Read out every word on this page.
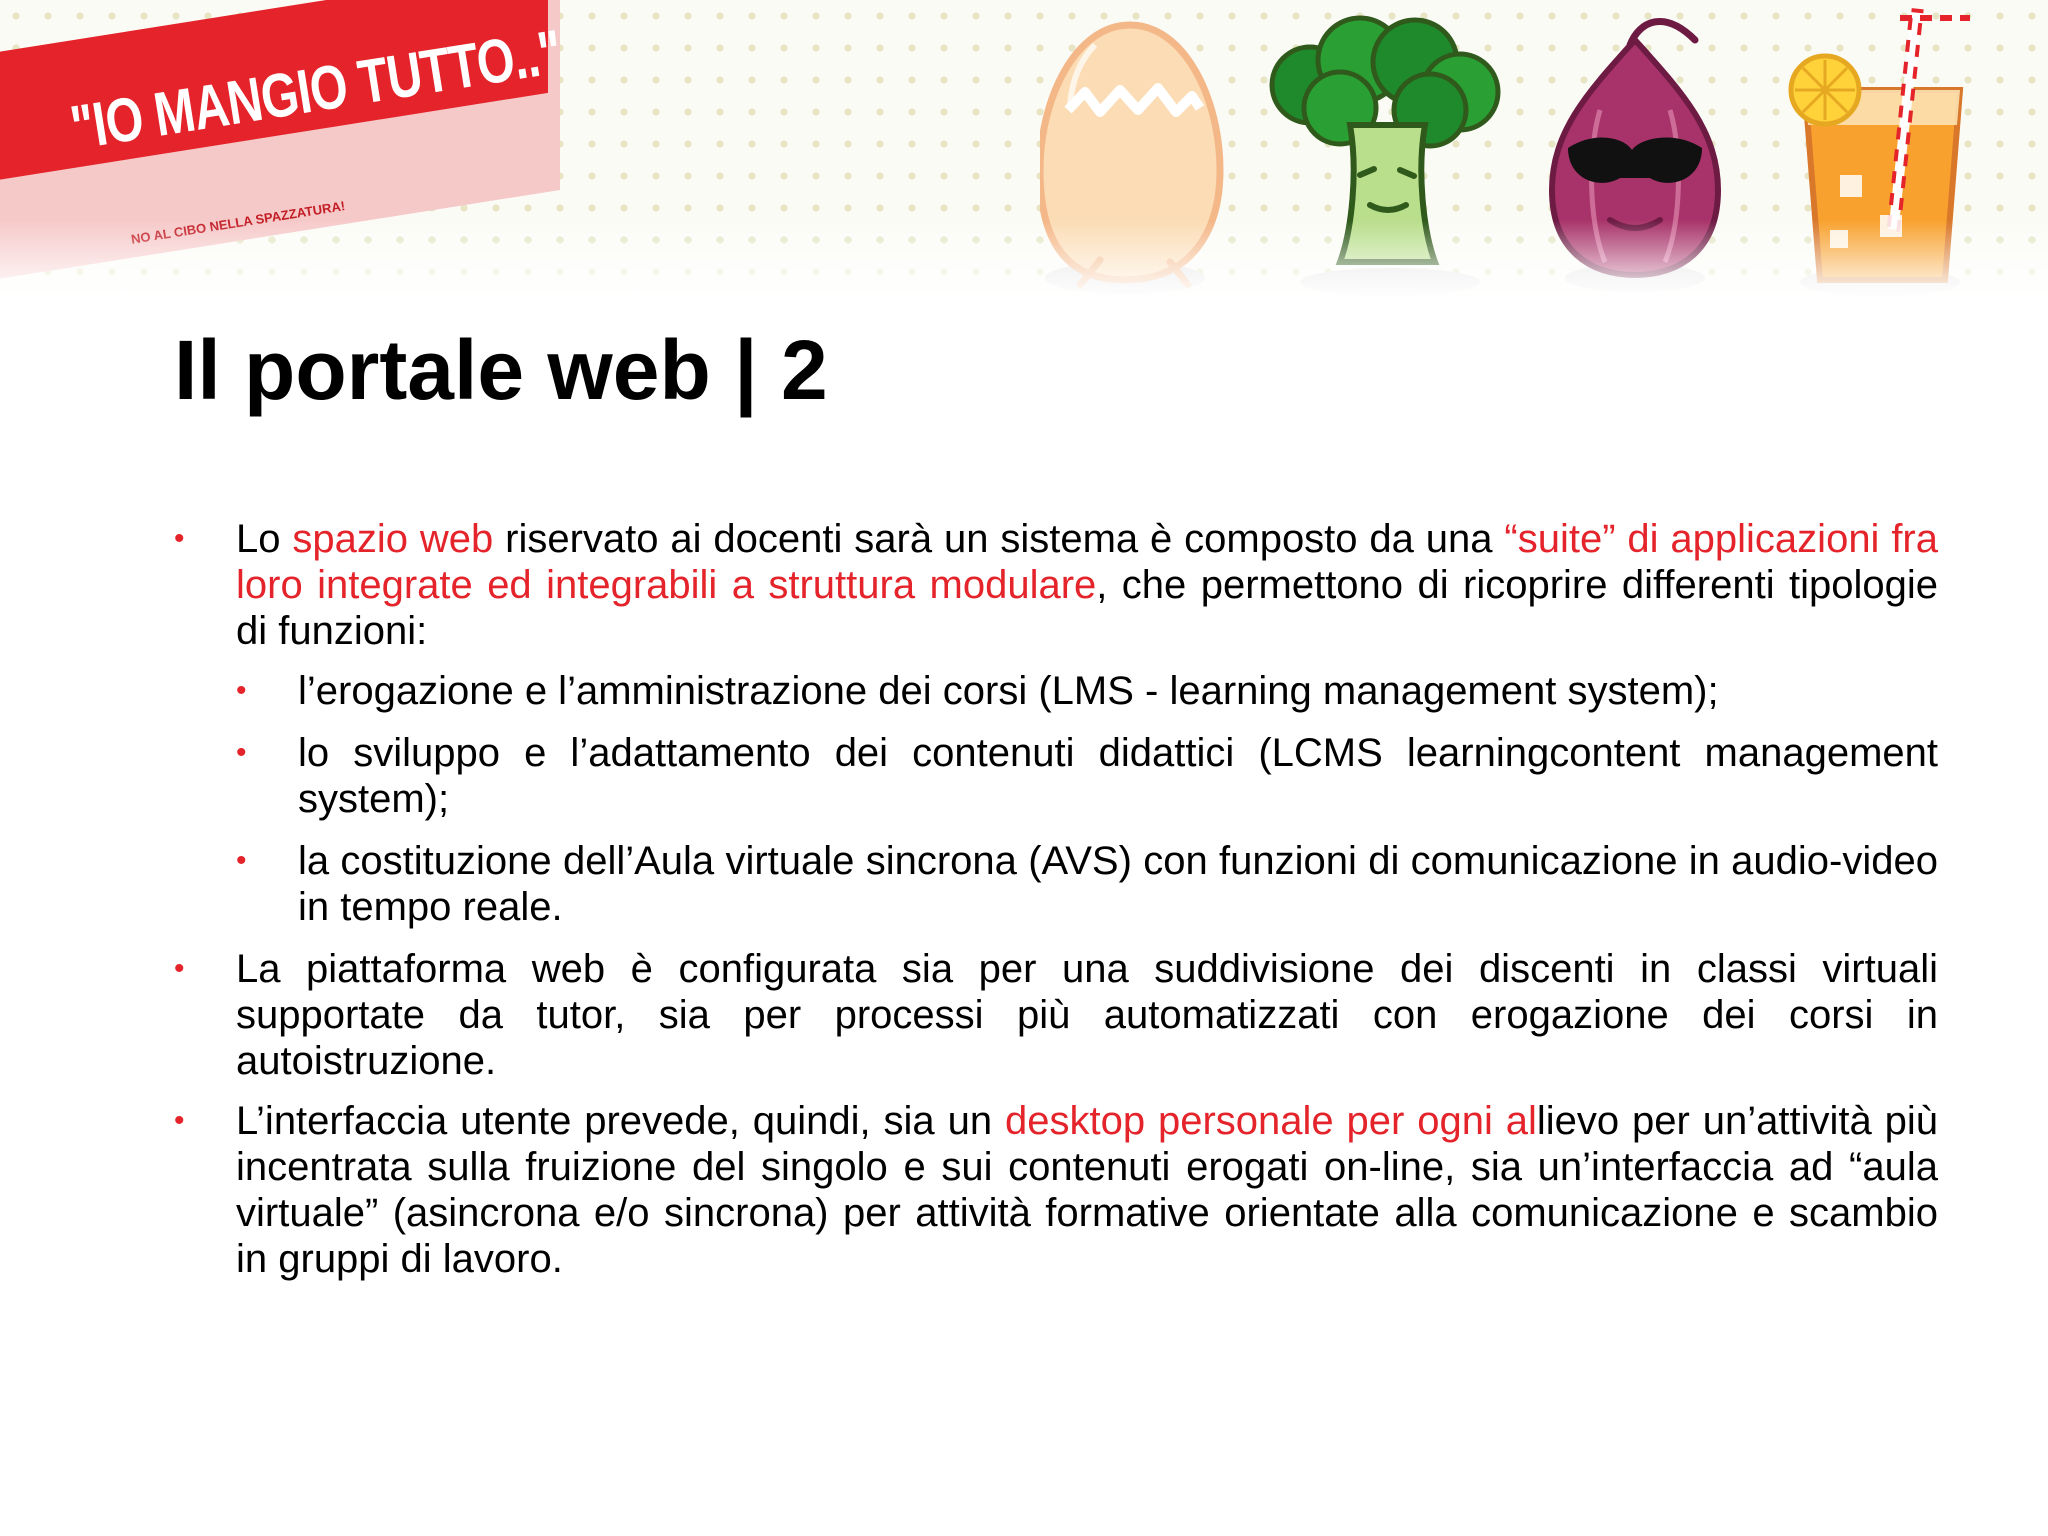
"IO MANGIO TUTTO.."
Il portale web | 2
• Lo spazio web riservato ai docenti sarà un sistema è composto da una “suite” di applicazioni fra loro integrate ed integrabili a struttura modulare, che permettono di ricoprire differenti tipologie di funzioni:
• l’erogazione e l’amministrazione dei corsi (LMS - learning management system);
• lo sviluppo e l’adattamento dei contenuti didattici (LCMS learningcontent management system);
• la costituzione dell’Aula virtuale sincrona (AVS) con funzioni di comunicazione in audio-video in tempo reale.
• La piattaforma web è configurata sia per una suddivisione dei discenti in classi virtuali supportate da tutor, sia per processi più automatizzati con erogazione dei corsi in autoistruzione.
• L’interfaccia utente prevede, quindi, sia un desktop personale per ogni allievo per un’attività più incentrata sulla fruizione del singolo e sui contenuti erogati on-line, sia un’interfaccia ad “aula virtuale” (asincrona e/o sincrona) per attività formative orientate alla comunicazione e scambio in gruppi di lavoro.
